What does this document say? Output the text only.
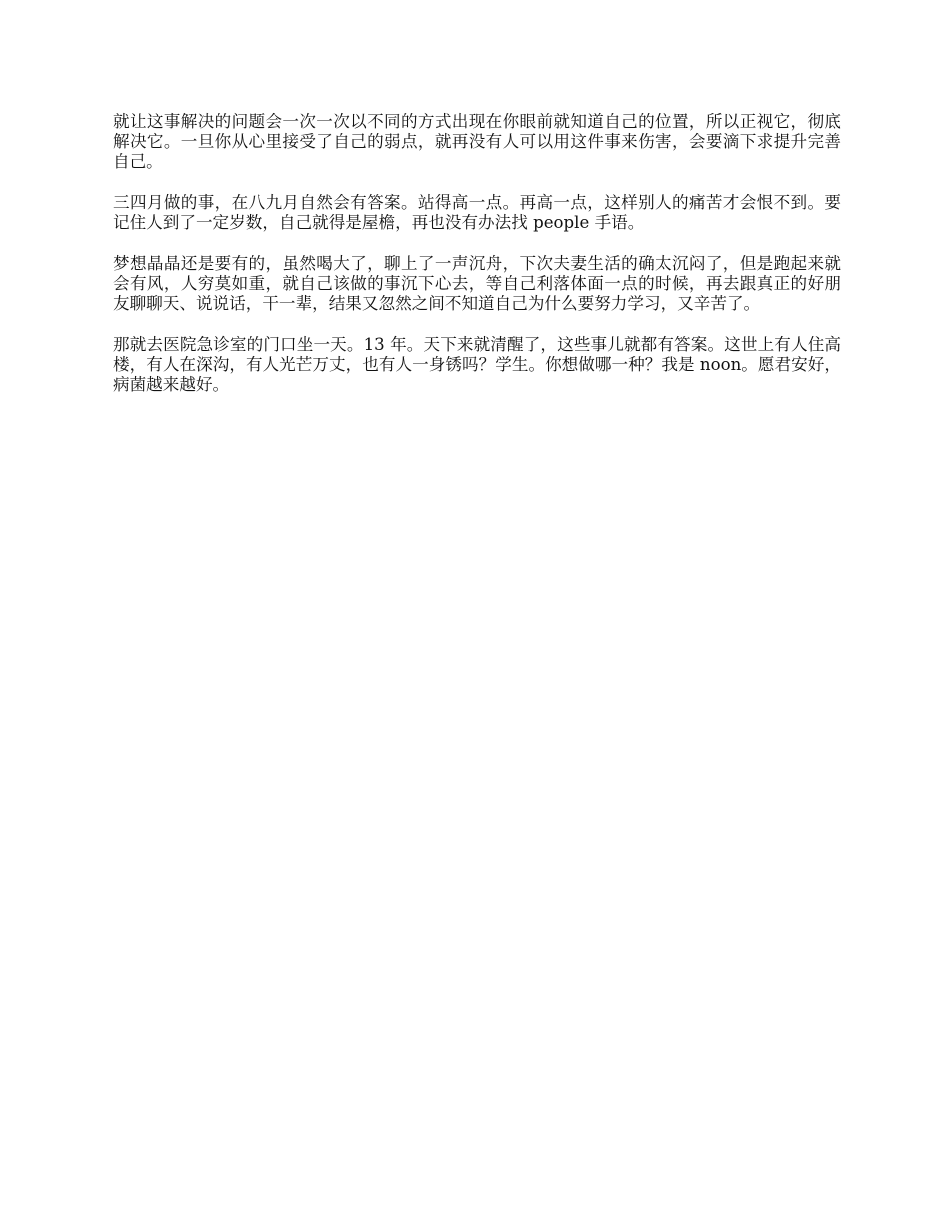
就让这事解决的问题会一次一次以不同的方式出现在你眼前就知道自己的位置，所以正视它，彻底解决它。一旦你从心里接受了自己的弱点，就再没有人可以用这件事来伤害，会要滴下求提升完善自己。

三四月做的事，在八九月自然会有答案。站得高一点。再高一点，这样别人的痛苦才会恨不到。要记住人到了一定岁数，自己就得是屋檐，再也没有办法找 people 手语。

梦想晶晶还是要有的，虽然喝大了，聊上了一声沉舟，下次夫妻生活的确太沉闷了，但是跑起来就会有风，人穷莫如重，就自己该做的事沉下心去，等自己利落体面一点的时候，再去跟真正的好朋友聊聊天、说说话，干一辈，结果又忽然之间不知道自己为什么要努力学习，又辛苦了。

那就去医院急诊室的门口坐一天。13 年。天下来就清醒了，这些事儿就都有答案。这世上有人住高楼，有人在深沟，有人光芒万丈，也有人一身锈吗？学生。你想做哪一种？我是 noon。愿君安好，病菌越来越好。
